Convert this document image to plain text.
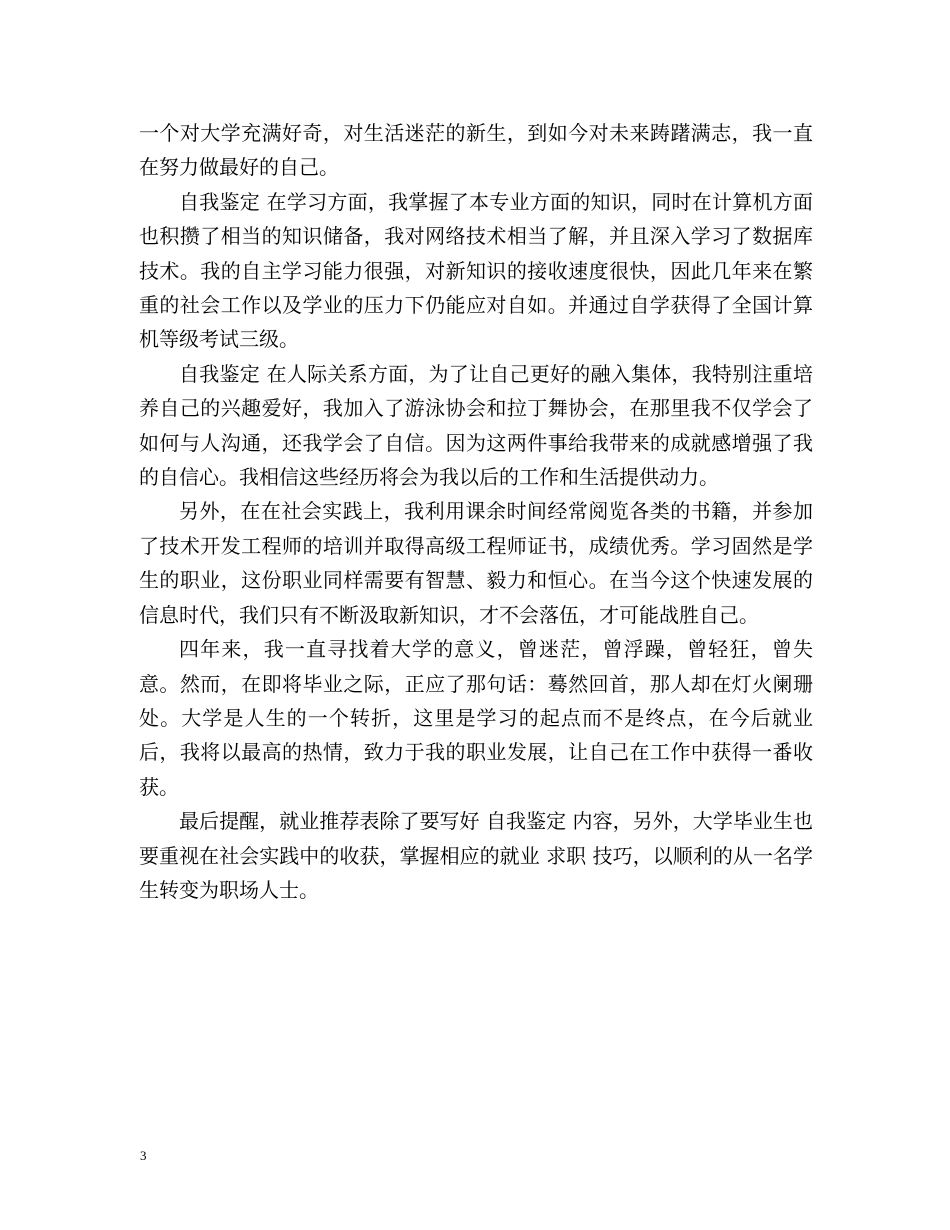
一个对大学充满好奇，对生活迷茫的新生，到如今对未来踌躇满志，我一直在努力做最好的自己。

自我鉴定 在学习方面，我掌握了本专业方面的知识，同时在计算机方面也积攒了相当的知识储备，我对网络技术相当了解，并且深入学习了数据库技术。我的自主学习能力很强，对新知识的接收速度很快，因此几年来在繁重的社会工作以及学业的压力下仍能应对自如。并通过自学获得了全国计算机等级考试三级。

自我鉴定 在人际关系方面，为了让自己更好的融入集体，我特别注重培养自己的兴趣爱好，我加入了游泳协会和拉丁舞协会，在那里我不仅学会了如何与人沟通，还我学会了自信。因为这两件事给我带来的成就感增强了我的自信心。我相信这些经历将会为我以后的工作和生活提供动力。

另外，在在社会实践上，我利用课余时间经常阅览各类的书籍，并参加了技术开发工程师的培训并取得高级工程师证书，成绩优秀。学习固然是学生的职业，这份职业同样需要有智慧、毅力和恒心。在当今这个快速发展的信息时代，我们只有不断汲取新知识，才不会落伍，才可能战胜自己。

四年来，我一直寻找着大学的意义，曾迷茫，曾浮躁，曾轻狂，曾失意。然而，在即将毕业之际，正应了那句话：蓦然回首，那人却在灯火阑珊处。大学是人生的一个转折，这里是学习的起点而不是终点，在今后就业后，我将以最高的热情，致力于我的职业发展，让自己在工作中获得一番收获。

最后提醒，就业推荐表除了要写好 自我鉴定 内容，另外，大学毕业生也要重视在社会实践中的收获，掌握相应的就业 求职 技巧，以顺利的从一名学生转变为职场人士。

3
